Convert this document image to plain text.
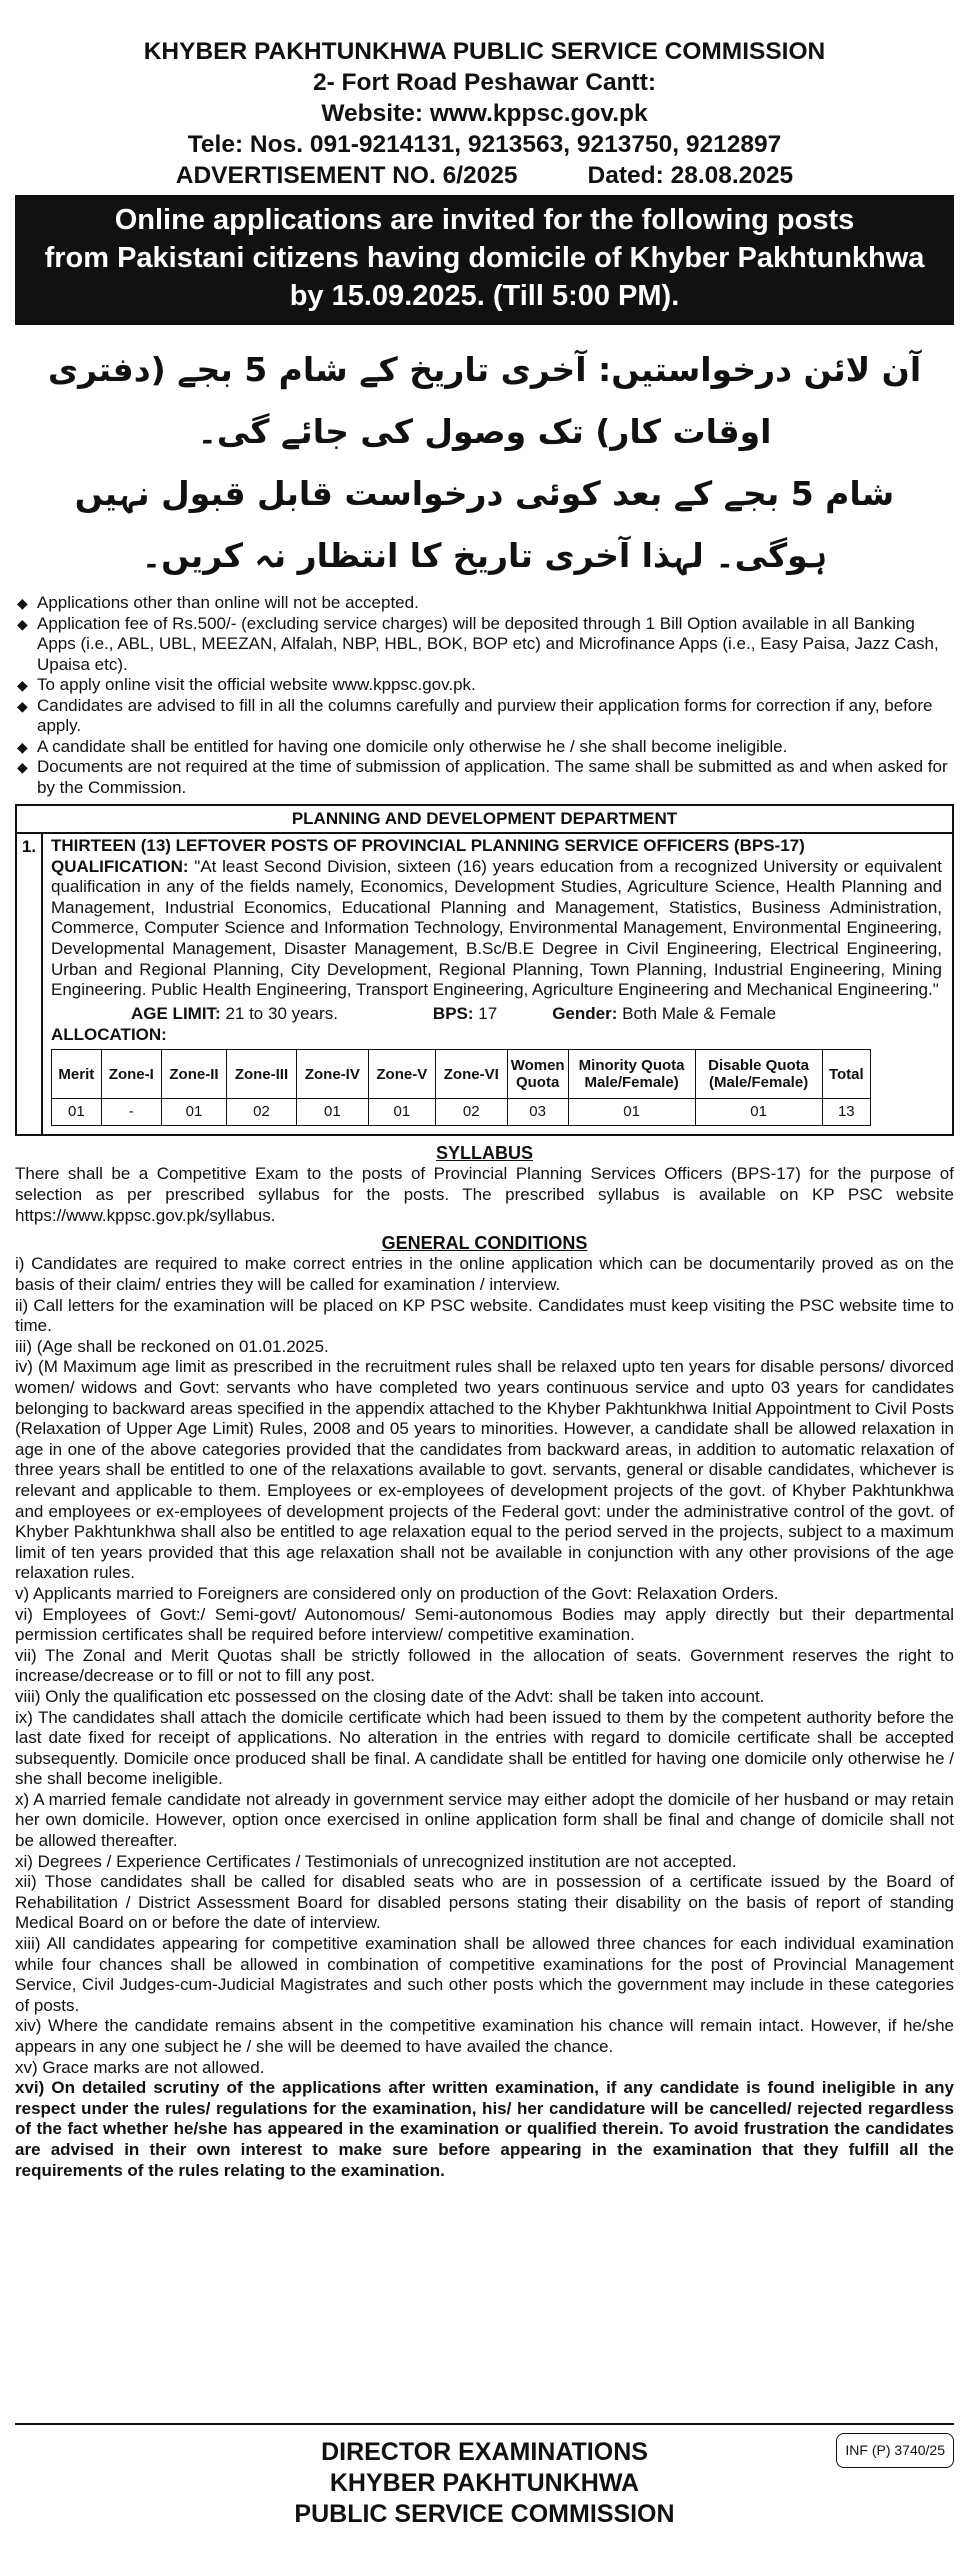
KHYBER PAKHTUNKHWA PUBLIC SERVICE COMMISSION
2- Fort Road Peshawar Cantt:
Website: www.kppsc.gov.pk
Tele: Nos. 091-9214131, 9213563, 9213750, 9212897
ADVERTISEMENT NO. 6/2025	Dated: 28.08.2025
Online applications are invited for the following posts
from Pakistani citizens having domicile of Khyber Pakhtunkhwa
by 15.09.2025. (Till 5:00 PM).
آن لائن درخواستیں: آخری تاریخ کے شام 5 بجے (دفتری اوقات کار) تک وصول کی جائے گی۔
شام 5 بجے کے بعد کوئی درخواست قابل قبول نہیں ہوگی۔ لہذا آخری تاریخ کا انتظار نہ کریں۔
◆ Applications other than online will not be accepted.
◆ Application fee of Rs.500/- (excluding service charges) will be deposited through 1 Bill Option available in all Banking Apps (i.e., ABL, UBL, MEEZAN, Alfalah, NBP, HBL, BOK, BOP etc) and Microfinance Apps (i.e., Easy Paisa, Jazz Cash, Upaisa etc).
◆ To apply online visit the official website www.kppsc.gov.pk.
◆ Candidates are advised to fill in all the columns carefully and purview their application forms for correction if any, before apply.
◆ A candidate shall be entitled for having one domicile only otherwise he / she shall become ineligible.
◆ Documents are not required at the time of submission of application. The same shall be submitted as and when asked for by the Commission.
PLANNING AND DEVELOPMENT DEPARTMENT
1. THIRTEEN (13) LEFTOVER POSTS OF PROVINCIAL PLANNING SERVICE OFFICERS (BPS-17)
QUALIFICATION: "At least Second Division, sixteen (16) years education from a recognized University or equivalent qualification in any of the fields namely, Economics, Development Studies, Agriculture Science, Health Planning and Management, Industrial Economics, Educational Planning and Management, Statistics, Business Administration, Commerce, Computer Science and Information Technology, Environmental Management, Environmental Engineering, Developmental Management, Disaster Management, B.Sc/B.E Degree in Civil Engineering, Electrical Engineering, Urban and Regional Planning, City Development, Regional Planning, Town Planning, Industrial Engineering, Mining Engineering. Public Health Engineering, Transport Engineering, Agriculture Engineering and Mechanical Engineering."
AGE LIMIT:
21 to 30 years.	BPS:
17	Gender:
Both Male & Female
ALLOCATION:
Merit	Zone-I	Zone-II	Zone-III	Zone-IV	Zone-V	Zone-VI	Women Quota	Minority Quota Male/Female)	Disable Quota (Male/Female)	Total
01	-	01	02	01	01	02	03	01	01	13
SYLLABUS
There shall be a Competitive Exam to the posts of Provincial Planning Services Officers (BPS-17) for the purpose of selection as per prescribed syllabus for the posts. The prescribed syllabus is available on KP PSC website https://www.kppsc.gov.pk/syllabus.
GENERAL CONDITIONS

i) Candidates are required to make correct entries in the online application which can be documentarily proved as on the basis of their claim/ entries they will be called for examination / interview.

ii) Call letters for the examination will be placed on KP PSC website. Candidates must keep visiting the PSC website time to time.

iii) (Age shall be reckoned on 01.01.2025.

iv) (M Maximum age limit as prescribed in the recruitment rules shall be relaxed upto ten years for disable persons/ divorced women/ widows and Govt: servants who have completed two years continuous service and upto 03 years for candidates belonging to backward areas specified in the appendix attached to the Khyber Pakhtunkhwa Initial Appointment to Civil Posts (Relaxation of Upper Age Limit) Rules, 2008 and 05 years to minorities. However, a candidate shall be allowed relaxation in age in one of the above categories provided that the candidates from backward areas, in addition to automatic relaxation of three years shall be entitled to one of the relaxations available to govt. servants, general or disable candidates, whichever is relevant and applicable to them. Employees or ex-employees of development projects of the govt. of Khyber Pakhtunkhwa and employees or ex-employees of development projects of the Federal govt: under the administrative control of the govt. of Khyber Pakhtunkhwa shall also be entitled to age relaxation equal to the period served in the projects, subject to a maximum limit of ten years provided that this age relaxation shall not be available in conjunction with any other provisions of the age relaxation rules.

v) Applicants married to Foreigners are considered only on production of the Govt: Relaxation Orders.

vi) Employees of Govt:/ Semi-govt/ Autonomous/ Semi-autonomous Bodies may apply directly but their departmental permission certificates shall be required before interview/ competitive examination.

vii) The Zonal and Merit Quotas shall be strictly followed in the allocation of seats. Government reserves the right to increase/decrease or to fill or not to fill any post.

viii) Only the qualification etc possessed on the closing date of the Advt: shall be taken into account.

ix) The candidates shall attach the domicile certificate which had been issued to them by the competent authority before the last date fixed for receipt of applications. No alteration in the entries with regard to domicile certificate shall be accepted subsequently. Domicile once produced shall be final. A candidate shall be entitled for having one domicile only otherwise he / she shall become ineligible.

x) A married female candidate not already in government service may either adopt the domicile of her husband or may retain her own domicile. However, option once exercised in online application form shall be final and change of domicile shall not be allowed thereafter.

xi) Degrees / Experience Certificates / Testimonials of unrecognized institution are not accepted.

xii) Those candidates shall be called for disabled seats who are in possession of a certificate issued by the Board of Rehabilitation / District Assessment Board for disabled persons stating their disability on the basis of report of standing Medical Board on or before the date of interview.

xiii) All candidates appearing for competitive examination shall be allowed three chances for each individual examination while four chances shall be allowed in combination of competitive examinations for the post of Provincial Management Service, Civil Judges-cum-Judicial Magistrates and such other posts which the government may include in these categories of posts.

xiv) Where the candidate remains absent in the competitive examination his chance will remain intact. However, if he/she appears in any one subject he / she will be deemed to have availed the chance.

xv) Grace marks are not allowed.

xvi) On detailed scrutiny of the applications after written examination, if any candidate is found ineligible in any respect under the rules/ regulations for the examination, his/ her candidature will be cancelled/ rejected regardless of the fact whether he/she has appeared in the examination or qualified therein. To avoid frustration the candidates are advised in their own interest to make sure before appearing in the examination that they fulfill all the requirements of the rules relating to the examination.

INF (P) 3740/25
DIRECTOR EXAMINATIONS
KHYBER PAKHTUNKHWA
PUBLIC SERVICE COMMISSION
